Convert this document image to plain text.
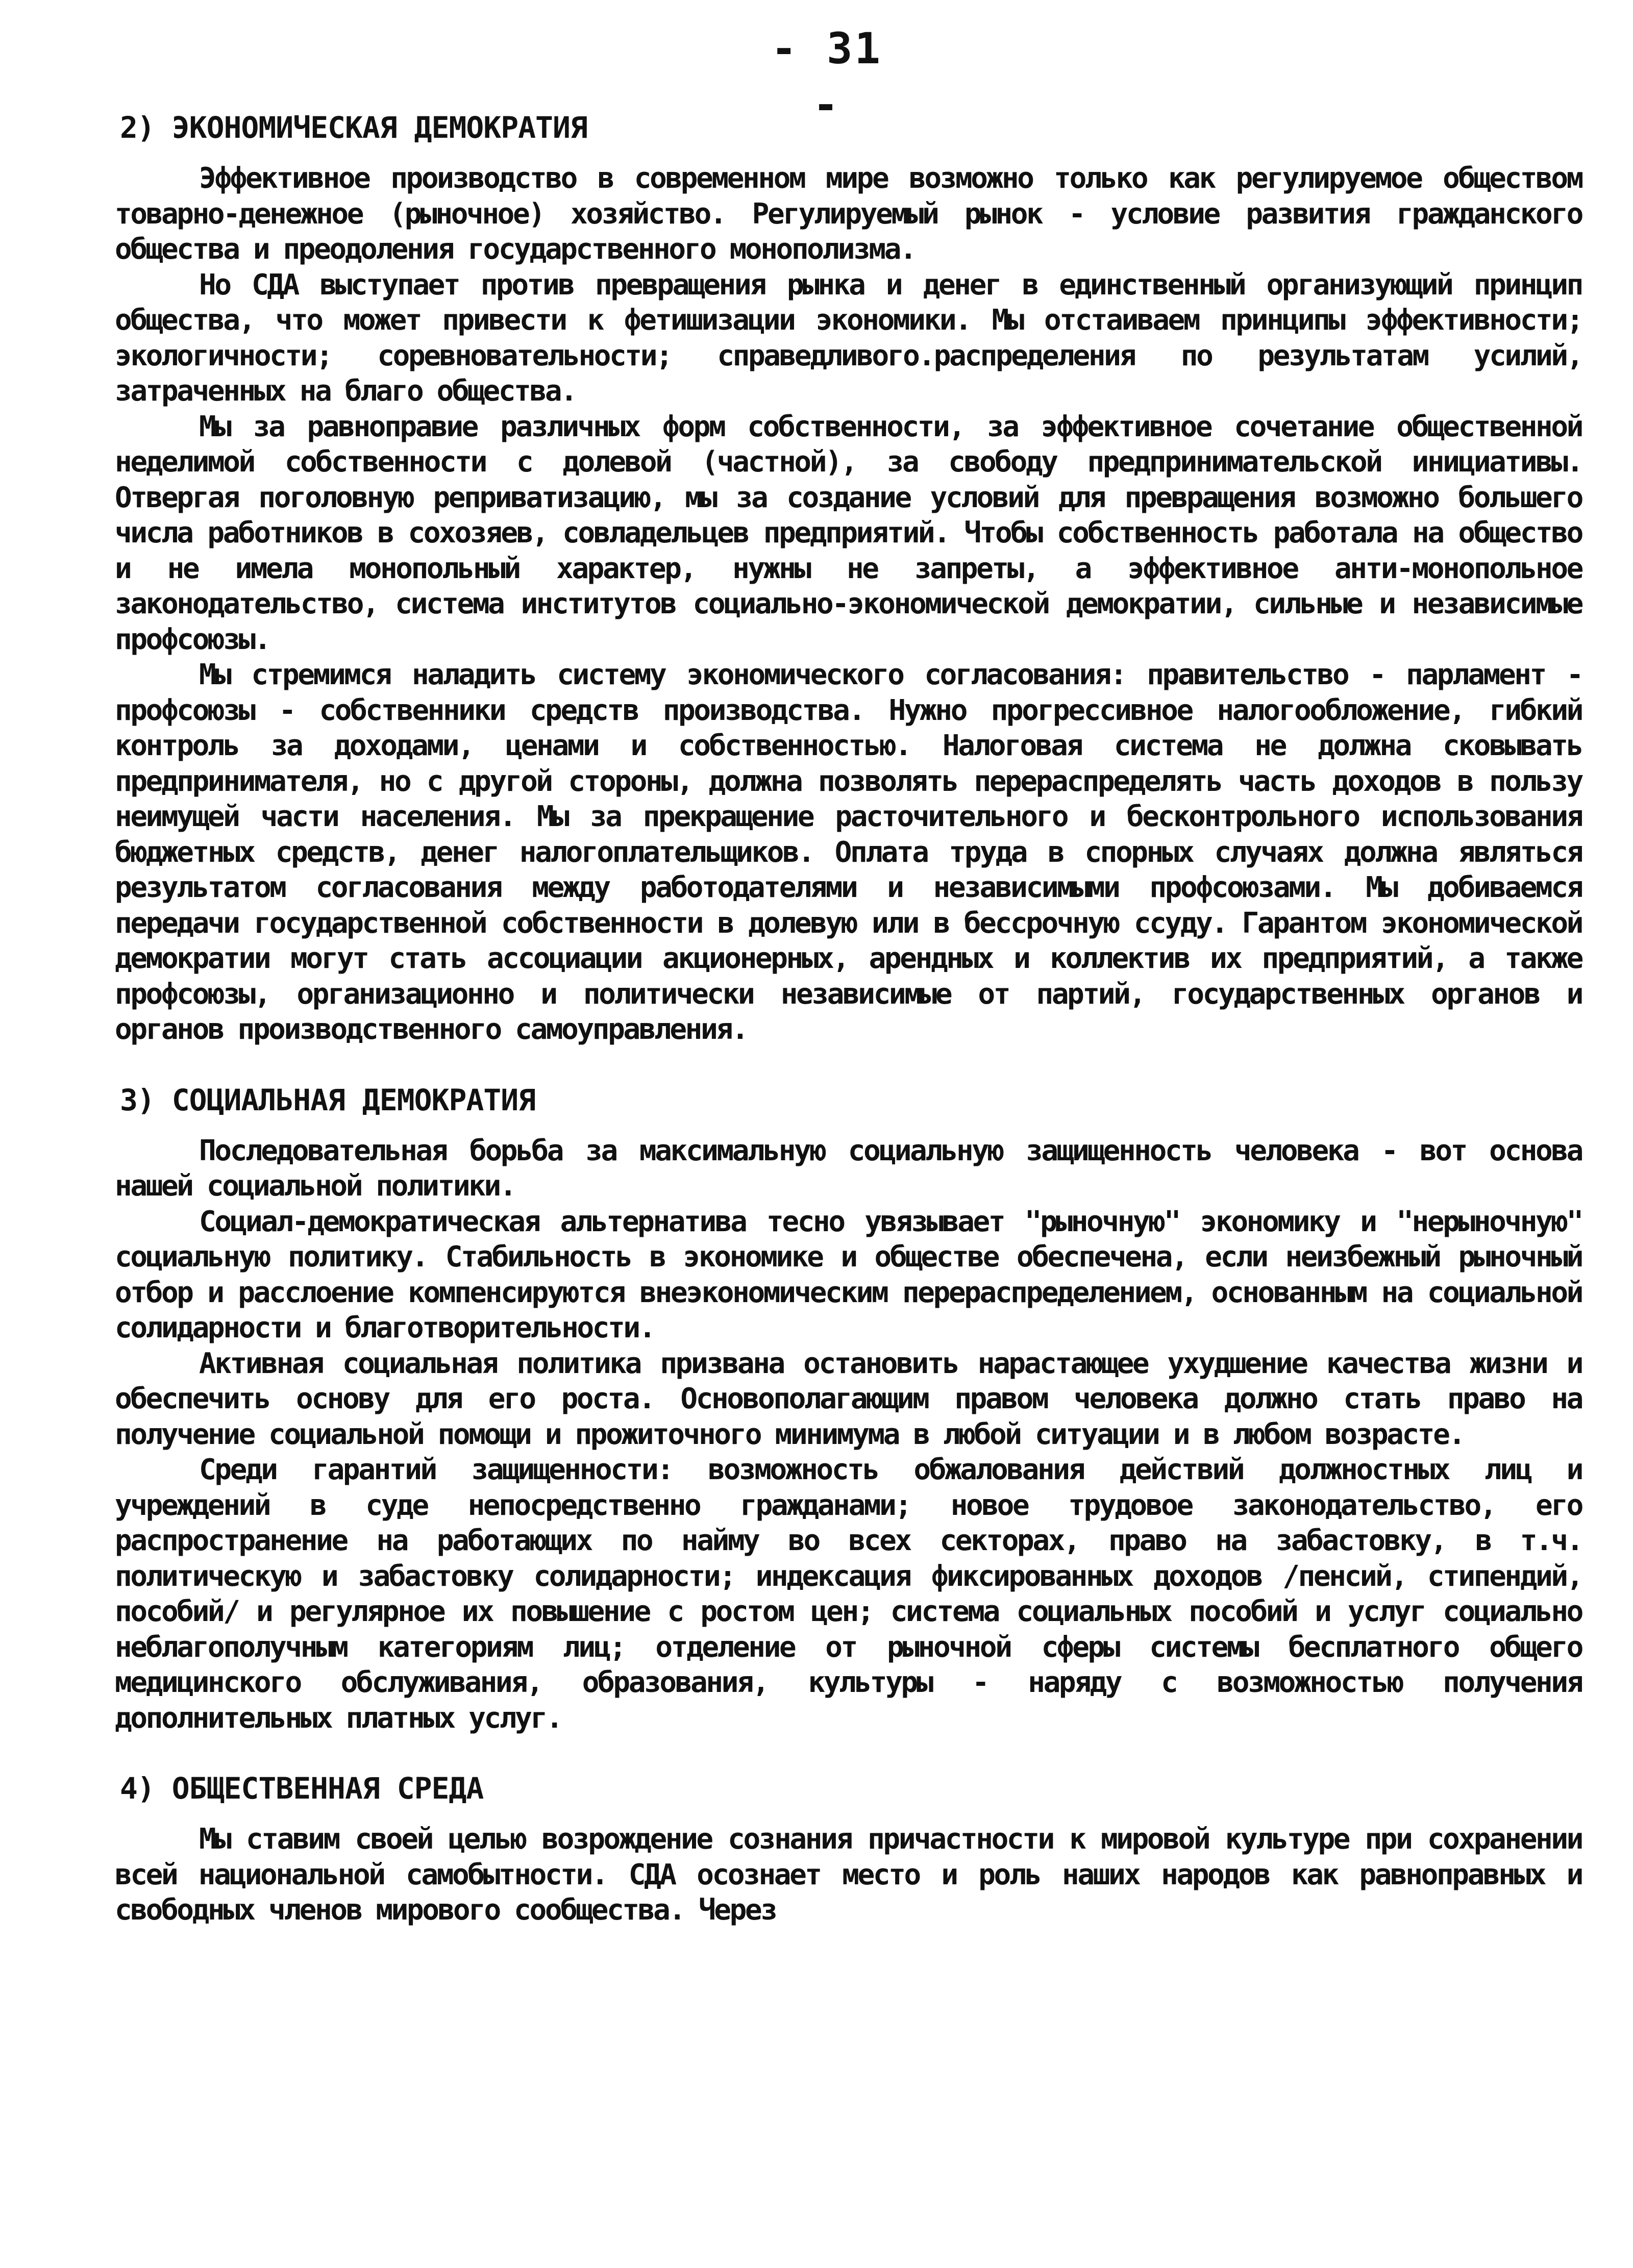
- 31 -
2) ЭКОНОМИЧЕСКАЯ ДЕМОКРАТИЯ

Эффективное производство в современном мире возможно только как регулируемое обществом товарно-денежное (рыночное) хозяйство. Регулируемый рынок - условие развития гражданского общества и преодоления государственного монополизма.

Но СДА выступает против превращения рынка и денег в единственный организующий принцип общества, что может привести к фетишизации экономики. Мы отстаиваем принципы эффективности; экологичности; соревновательности; справедливого.распределения по результатам усилий, затраченных на благо общества.

Мы за равноправие различных форм собственности, за эффективное сочетание общественной неделимой собственности с долевой (частной), за свободу предпринимательской инициативы. Отвергая поголовную реприватизацию, мы за создание условий для превращения возможно большего числа работников в сохозяев, совладельцев предприятий. Чтобы собственность работала на общество и не имела монопольный характер, нужны не запреты, а эффективное анти-монопольное законодательство, система институтов социально-экономической демократии, сильные и независимые профсоюзы.

Мы стремимся наладить систему экономического согласования: правительство - парламент - профсоюзы - собственники средств производства. Нужно прогрессивное налогообложение, гибкий контроль за доходами, ценами и собственностью. Налоговая система не должна сковывать предпринимателя, но с другой стороны, должна позволять перераспределять часть доходов в пользу неимущей части населения. Мы за прекращение расточительного и бесконтрольного использования бюджетных средств, денег налогоплательщиков. Оплата труда в спорных случаях должна являться результатом согласования между работодателями и независимыми профсоюзами. Мы добиваемся передачи государственной собственности в долевую или в бессрочную ссуду. Гарантом экономической демократии могут стать ассоциации акционерных, арендных и коллектив их предприятий, а также профсоюзы, организационно и политически независимые от партий, государственных органов и органов производственного самоуправления.

3) СОЦИАЛЬНАЯ ДЕМОКРАТИЯ

Последовательная борьба за максимальную социальную защищенность человека - вот основа нашей социальной политики.

Социал-демократическая альтернатива тесно увязывает "рыночную" экономику и "нерыночную" социальную политику. Стабильность в экономике и обществе обеспечена, если неизбежный рыночный отбор и расслоение компенсируются внеэкономическим перераспределением, основанным на социальной солидарности и благотворительности.

Активная социальная политика призвана остановить нарастающее ухудшение качества жизни и обеспечить основу для его роста. Основополагающим правом человека должно стать право на получение социальной помощи и прожиточного минимума в любой ситуации и в любом возрасте.

Среди гарантий защищенности: возможность обжалования действий должностных лиц и учреждений в суде непосредственно гражданами; новое трудовое законодательство, его распространение на работающих по найму во всех секторах, право на забастовку, в т.ч. политическую и забастовку солидарности; индексация фиксированных доходов /пенсий, стипендий, пособий/ и регулярное их повышение с ростом цен; система социальных пособий и услуг социально неблагополучным категориям лиц; отделение от рыночной сферы системы бесплатного общего медицинского обслуживания, образования, культуры - наряду с возможностью получения дополнительных платных услуг.

4) ОБЩЕСТВЕННАЯ СРЕДА

Мы ставим своей целью возрождение сознания причастности к мировой культуре при сохранении всей национальной самобытности. СДА осознает место и роль наших народов как равноправных и свободных членов мирового сообщества. Через
